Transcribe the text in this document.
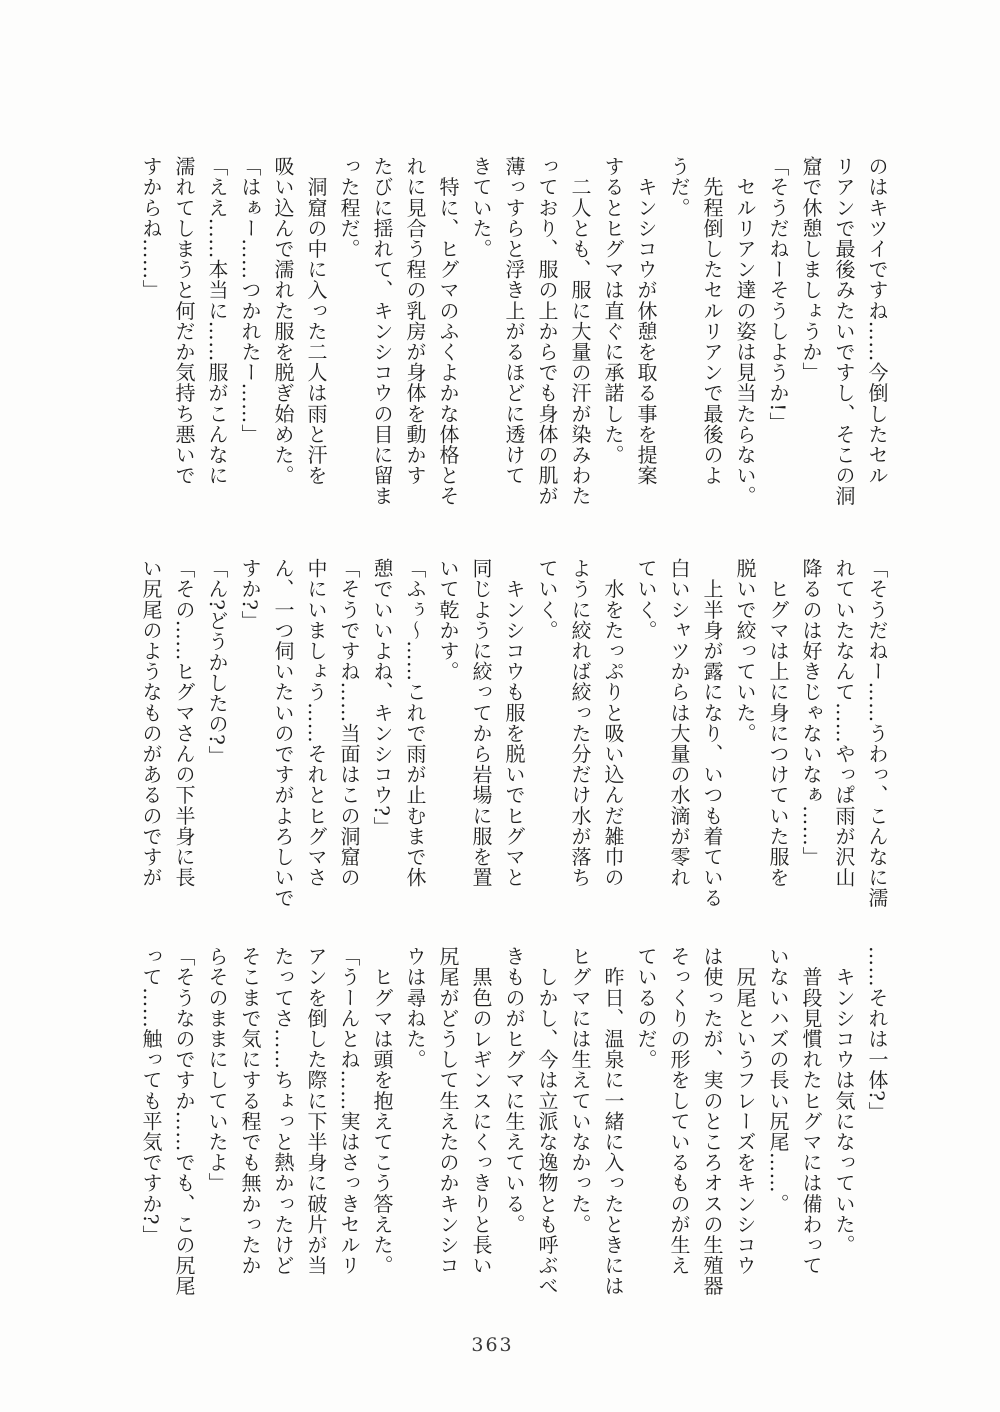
のはキツイですね……今倒したセル

リアンで最後みたいですし、そこの洞

窟で休憩しましょうか」

「そうだねーそうしようか!」

　セルリアン達の姿は見当たらない。

　先程倒したセルリアンで最後のよ

うだ。

　キンシコウが休憩を取る事を提案

するとヒグマは直ぐに承諾した。

　二人とも、服に大量の汗が染みわた

っており、服の上からでも身体の肌が

薄っすらと浮き上がるほどに透けて

きていた。

　特に、ヒグマのふくよかな体格とそ

れに見合う程の乳房が身体を動かす

たびに揺れて、キンシコウの目に留ま

った程だ。

　洞窟の中に入った二人は雨と汗を

吸い込んで濡れた服を脱ぎ始めた。

「はぁー……つかれたー……」

「ええ……本当に……服がこんなに

濡れてしまうと何だか気持ち悪いで

すからね……」

「そうだねー……うわっ、こんなに濡

れていたなんて……やっぱ雨が沢山

降るのは好きじゃないなぁ……」

　ヒグマは上に身につけていた服を

脱いで絞っていた。

　上半身が露になり、いつも着ている

白いシャツからは大量の水滴が零れ

ていく。

　水をたっぷりと吸い込んだ雑巾の

ように絞れば絞った分だけ水が落ち

ていく。

　キンシコウも服を脱いでヒグマと

同じように絞ってから岩場に服を置

いて乾かす。

「ふぅ〜……これで雨が止むまで休

憩でいいよね、キンシコウ?」

「そうですね……当面はこの洞窟の

中にいましょう……それとヒグマさ

ん、一つ伺いたいのですがよろしいで

すか?」

「ん?どうかしたの?」

「その……ヒグマさんの下半身に長

い尻尾のようなものがあるのですが

……それは一体?」

　キンシコウは気になっていた。

　普段見慣れたヒグマには備わって

いないハズの長い尻尾……。

　尻尾というフレーズをキンシコウ

は使ったが、実のところオスの生殖器

そっくりの形をしているものが生え

ているのだ。

　昨日、温泉に一緒に入ったときには

ヒグマには生えていなかった。

　しかし、今は立派な逸物とも呼ぶべ

きものがヒグマに生えている。

　黒色のレギンスにくっきりと長い

尻尾がどうして生えたのかキンシコ

ウは尋ねた。

　ヒグマは頭を抱えてこう答えた。

「うーんとね……実はさっきセルリ

アンを倒した際に下半身に破片が当

たってさ……ちょっと熱かったけど

そこまで気にする程でも無かったか

らそのままにしていたよ」

「そうなのですか……でも、この尻尾

って……触っても平気ですか?」

363
